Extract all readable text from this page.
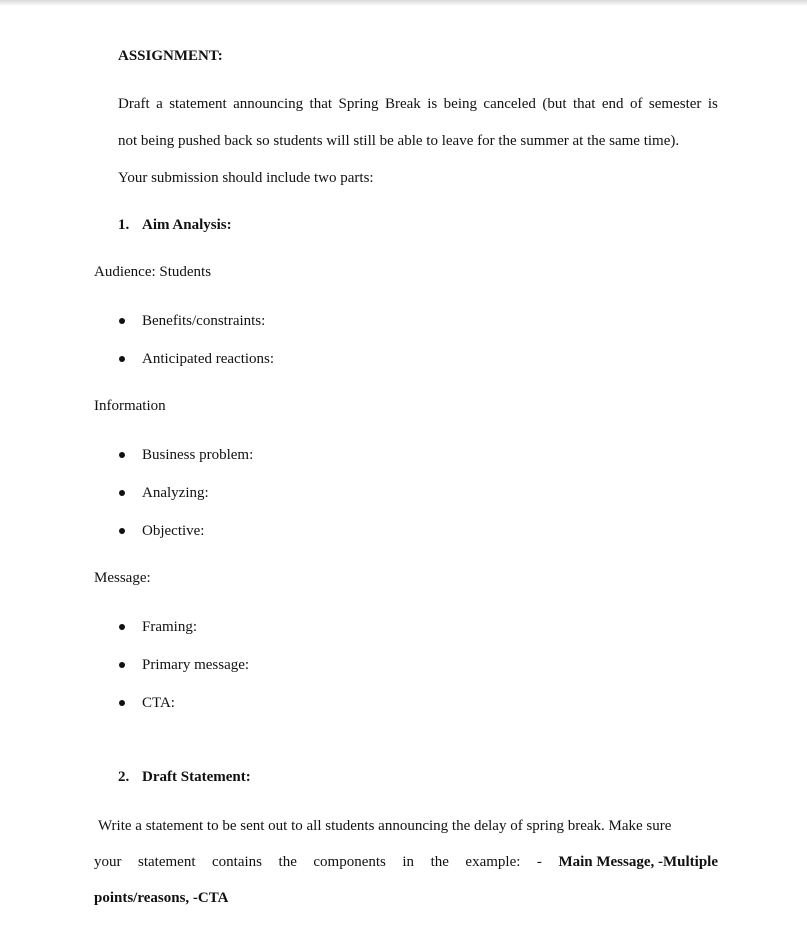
ASSIGNMENT:
Draft a statement announcing that Spring Break is being canceled (but that end of semester is
not being pushed back so students will still be able to leave for the summer at the same time).
Your submission should include two parts:
1. Aim Analysis:
Audience: Students
Benefits/constraints:
Anticipated reactions:
Information
Business problem:
Analyzing:
Objective:
Message:
Framing:
Primary message:
CTA:
2. Draft Statement:
Write a statement to be sent out to all students announcing the delay of spring break. Make sure
your statement contains the components in the example: - Main Message, -Multiple
points/reasons, -CTA
